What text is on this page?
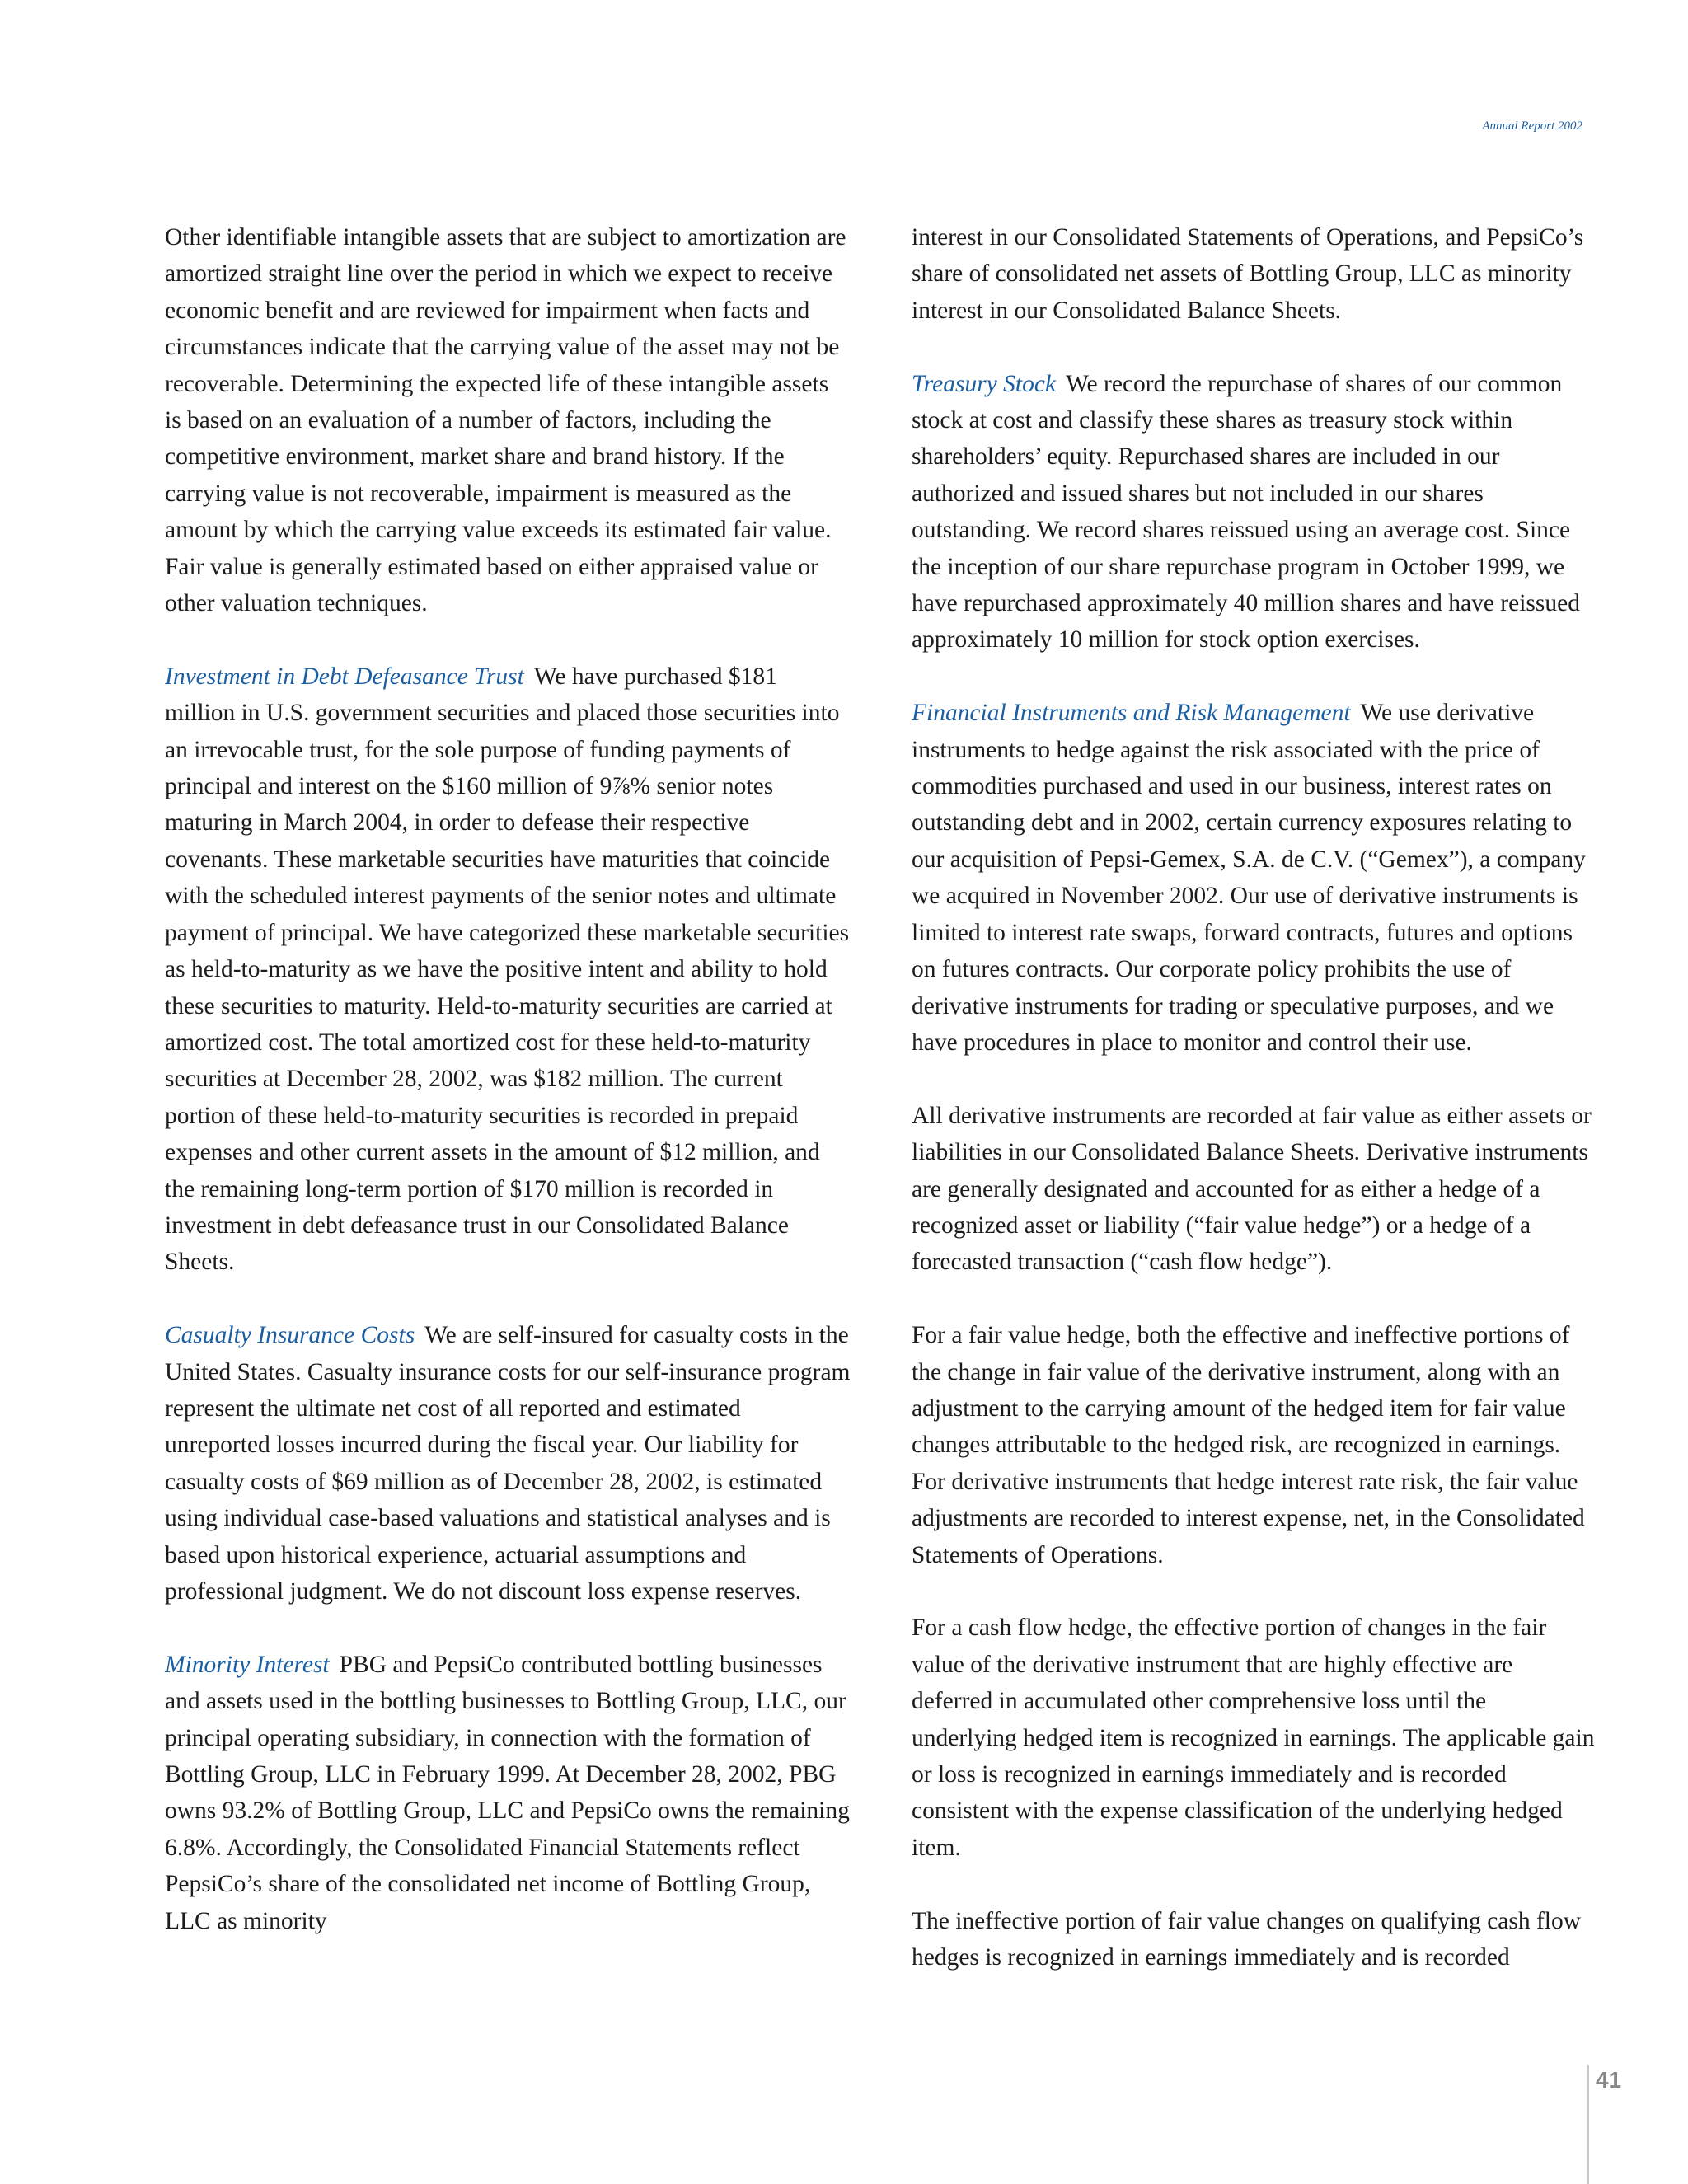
Annual Report 2002

Other identifiable intangible assets that are subject to amortization are amortized straight line over the period in which we expect to receive economic benefit and are reviewed for impairment when facts and circumstances indicate that the carrying value of the asset may not be recoverable. Determining the expected life of these intangible assets is based on an evaluation of a number of factors, including the competitive environment, market share and brand history. If the carrying value is not recoverable, impairment is measured as the amount by which the carrying value exceeds its estimated fair value. Fair value is generally estimated based on either appraised value or other valuation techniques.

Investment in Debt Defeasance Trust We have purchased $181 million in U.S. government securities and placed those securities into an irrevocable trust, for the sole purpose of funding payments of principal and interest on the $160 million of 9⅞% senior notes maturing in March 2004, in order to defease their respective covenants. These marketable securities have maturities that coincide with the scheduled interest payments of the senior notes and ultimate payment of principal. We have categorized these marketable securities as held-to-maturity as we have the positive intent and ability to hold these securities to maturity. Held-to-maturity securities are carried at amortized cost. The total amortized cost for these held-to-maturity securities at December 28, 2002, was $182 million. The current portion of these held-to-maturity securities is recorded in prepaid expenses and other current assets in the amount of $12 million, and the remaining long-term portion of $170 million is recorded in investment in debt defeasance trust in our Consolidated Balance Sheets.

Casualty Insurance Costs We are self-insured for casualty costs in the United States. Casualty insurance costs for our self-insurance program represent the ultimate net cost of all reported and estimated unreported losses incurred during the fiscal year. Our liability for casualty costs of $69 million as of December 28, 2002, is estimated using individual case-based valuations and statistical analyses and is based upon historical experience, actuarial assumptions and professional judgment. We do not discount loss expense reserves.

Minority Interest PBG and PepsiCo contributed bottling businesses and assets used in the bottling businesses to Bottling Group, LLC, our principal operating subsidiary, in connection with the formation of Bottling Group, LLC in February 1999. At December 28, 2002, PBG owns 93.2% of Bottling Group, LLC and PepsiCo owns the remaining 6.8%. Accordingly, the Consolidated Financial Statements reflect PepsiCo’s share of the consolidated net income of Bottling Group, LLC as minority

interest in our Consolidated Statements of Operations, and PepsiCo’s share of consolidated net assets of Bottling Group, LLC as minority interest in our Consolidated Balance Sheets.

Treasury Stock We record the repurchase of shares of our common stock at cost and classify these shares as treasury stock within shareholders’ equity. Repurchased shares are included in our authorized and issued shares but not included in our shares outstanding. We record shares reissued using an average cost. Since the inception of our share repurchase program in October 1999, we have repurchased approximately 40 million shares and have reissued approximately 10 million for stock option exercises.

Financial Instruments and Risk Management We use derivative instruments to hedge against the risk associated with the price of commodities purchased and used in our business, interest rates on outstanding debt and in 2002, certain currency exposures relating to our acquisition of Pepsi-Gemex, S.A. de C.V. (“Gemex”), a company we acquired in November 2002. Our use of derivative instruments is limited to interest rate swaps, forward contracts, futures and options on futures contracts. Our corporate policy prohibits the use of derivative instruments for trading or speculative purposes, and we have procedures in place to monitor and control their use.

All derivative instruments are recorded at fair value as either assets or liabilities in our Consolidated Balance Sheets. Derivative instruments are generally designated and accounted for as either a hedge of a recognized asset or liability (“fair value hedge”) or a hedge of a forecasted transaction (“cash flow hedge”).

For a fair value hedge, both the effective and ineffective portions of the change in fair value of the derivative instrument, along with an adjustment to the carrying amount of the hedged item for fair value changes attributable to the hedged risk, are recognized in earnings. For derivative instruments that hedge interest rate risk, the fair value adjustments are recorded to interest expense, net, in the Consolidated Statements of Operations.

For a cash flow hedge, the effective portion of changes in the fair value of the derivative instrument that are highly effective are deferred in accumulated other comprehensive loss until the underlying hedged item is recognized in earnings. The applicable gain or loss is recognized in earnings immediately and is recorded consistent with the expense classification of the underlying hedged item.

The ineffective portion of fair value changes on qualifying cash flow hedges is recognized in earnings immediately and is recorded

41
